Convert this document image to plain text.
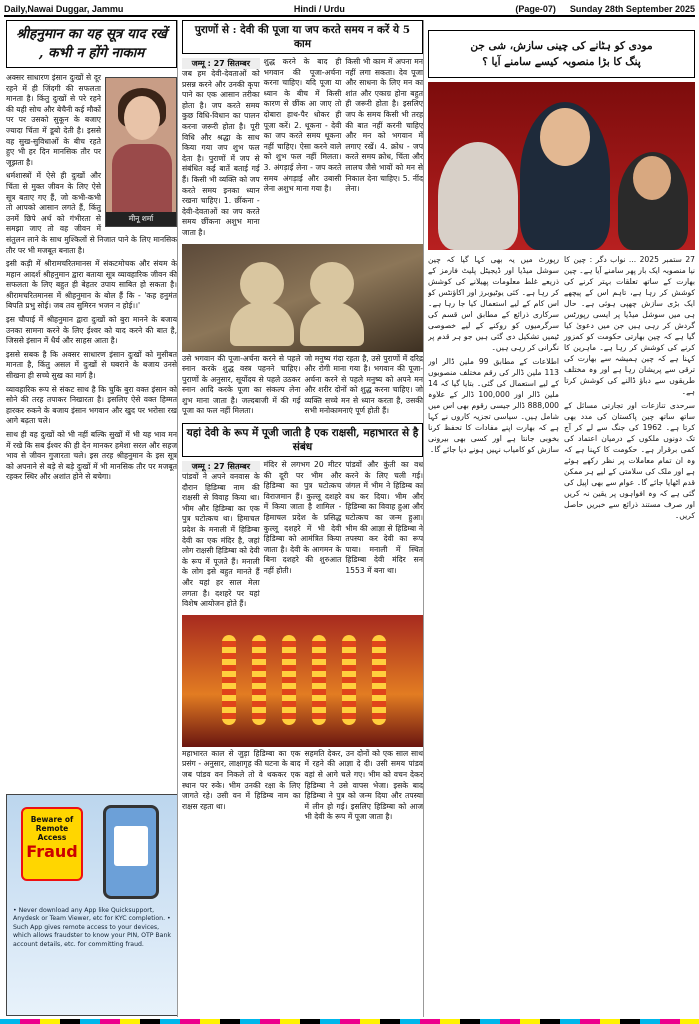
Daily,Nawai Duggar, Jammu	Hindi / Urdu	(Page-07) Sunday 28th September 2025
श्रीहनुमान का यह सूत्र याद रखें , कभी न होंगे नाकाम
मीनू शर्मा

अक्सर साधारण इंसान दुःखों से दूर रहने में ही जिंदगी की सफलता मानता है। किंतु दुःखों से परे रहने की यही सोच और बेचैनी कई मौकों पर पर उसको सुकून के बजाए ज्यादा चिंता में डूबो देती है। इससे वह सुख-सुविधाओं के बीच रहते हुए भी हर दिन मानसिक तौर पर जूझता है।

धर्मशास्त्रों में ऐसे ही दुःखों और चिंता से मुक्त जीवन के लिए ऐसे सूत्र बताए गए हैं, जो कभी-कभी तो आपको आसान लगते हैं, किंतु उनमें छिपे अर्थ को गंभीरता से समझा जाए तो वह जीवन में संतुलन लाने के साथ मुश्किलों से निजात पाने के लिए मानसिक तौर पर भी मजबूत बनाता है।

इसी कड़ी में श्रीरामचरितमानस में संकटमोचक और संयम के महान आदर्श श्रीहनुमान द्वारा बताया सूत्र व्यावहारिक जीवन की सफलता के लिए बहुत ही बेहतर उपाय साबित हो सकता है। श्रीरामचरितमानस में श्रीहनुमान के बोल हैं कि - 'कह हनुमंत बिपति प्रभु सोई। जब तव सुमिरन भजन न होई।।'

इस चौपाई में श्रीहनुमान द्वारा दुःखों को बुरा मानने के बजाय उनका सामना करने के लिए ईश्वर को याद करने की बात है, जिससे इंसान में धैर्य और साहस आता है।

इससे सबक है कि अक्सर साधारण इंसान दुःखों को मुसीबत मानता है, किंतु असल में दुःखों से घबराने के बजाय उनसे सीखना ही सच्चे सुख का मार्ग है।

व्यावहारिक रूप से संकट साथ है कि चुकि बुरा वक्त इंसान को सोने की तरह तपाकर निखारता है। इसलिए ऐसे वक्त हिम्मत हारकर रुकने के बजाय इंसान भगवान और खुद पर भरोसा रख आगे बढ़ता चले।

साथ ही वह दुःखों को भी नहीं बल्कि सुखों में भी यह भाव मन में रखे कि सब ईश्वर की ही देन मानकर हमेशा सरल और सहज भाव से जीवन गुजारता चले। इस तरह श्रीहनुमान के इस सूत्र को अपनाने से बड़े से बड़े दुःखों में भी मानसिक तौर पर मजबूत रहकर स्थिर और अशांत होने से बचेगा।

Beware of
Remote Access
Fraud
• Never download any App like Quicksupport, Anydesk or Team Viewer, etc for KYC completion. • Such App gives remote access to your devices, which allows fraudster to know your PIN, OTP Bank account details, etc. for committing fraud.
पुराणों से : देवी की पूजा या जप करते समय न करें ये 5 काम
जम्मू : 27 सितम्बर

जब हम देवी-देवताओं को प्रसन्न करने और उनकी कृपा पाने का एक आसान तरीका होता है। जप करते समय कुछ विधि-विधान का पालन करना जरूरी होता है। पूरी विधि और श्रद्धा के साथ किया गया जप शुभ फल देता है। पुराणों में जप से संबंधित कई बातें बताई गई हैं। किसी भी व्यक्ति को जप करते समय इनका ध्यान रखना चाहिए। 1. छींकना - देवी-देवताओं का जप करते समय छींकना अशुभ माना जाता है।

शुद्ध करने के बाद ही भगवान की पूजा-अर्चना करना चाहिए। यदि पूजा या ध्यान के बीच में किसी कारण से छींक आ जाए तो दोबारा हाथ-पैर धोकर ही पूजा करें। 2. थूकना - देवी का जप करते समय थूकना नहीं चाहिए। ऐसा करने वाले को शुभ फल नहीं मिलता। 3. अंगड़ाई लेना - जप करते समय अंगड़ाई और उबासी लेना अशुभ माना गया है।

किसी भी काम में अपना मन नहीं लगा सकता। देव पूजा और साधना के लिए मन का शांत और एकाग्र होना बहुत ही जरूरी होता है। इसलिए जप के समय किसी भी तरह की बात नहीं करनी चाहिए और मन को भगवान में लगाए रखें। 4. क्रोध - जप करते समय क्रोध, चिंता और लालच जैसे भावों को मन से निकाल देना चाहिए। 5. नींद लेना।

उसे भगवान की पूजा-अर्चना करने से पहले स्नान करके शुद्ध वस्त्र पहनने चाहिए। पुराणों के अनुसार, सूर्योदय से पहले उठकर स्नान आदि करके पूजा का संकल्प लेना शुभ माना जाता है। जल्दबाजी में की गई पूजा का फल नहीं मिलता।

जो मनुष्य गंदा रहता है, उसे पुराणों में दरिद्र और रोगी माना गया है। भगवान की पूजा-अर्चना करने से पहले मनुष्य को अपने मन और शरीर दोनों को शुद्ध करना चाहिए। जो व्यक्ति सच्चे मन से ध्यान करता है, उसकी सभी मनोकामनाएं पूर्ण होती हैं।

यहां देवी के रूप में पूजी जाती है एक राक्षसी, महाभारत से है संबंध
जम्मू : 27 सितम्बर

पांडवों ने अपने वनवास के दौरान हिडिम्बा नाम की राक्षसी से विवाह किया था। भीम और हिडिम्बा का एक पुत्र घटोत्कच था। हिमाचल प्रदेश के मनाली में हिडिम्बा देवी का एक मंदिर है, जहां लोग राक्षसी हिडिम्बा को देवी के रूप में पूजते हैं। मनाली के लोग इसे बहुत मानते हैं और यहां हर साल मेला लगता है। दशहरे पर यहां विशेष आयोजन होते हैं।

मंदिर से लगभग 20 मीटर की दूरी पर भीम और हिडिम्बा का पुत्र घटोत्कच विराजमान हैं। कुल्लू दशहरे में किया जाता है शामिल - हिमाचल प्रदेश के प्रसिद्ध कुल्लू दशहरे में भी देवी हिडिम्बा को आमंत्रित किया जाता है। देवी के आगमन के बिना दशहरे की शुरुआत नहीं होती।

पांडवों और कुंती का वध करने के लिए चली गई। जंगल में भीम ने हिडिम्ब का वध कर दिया। भीम और हिडिम्बा का विवाह हुआ और घटोत्कच का जन्म हुआ। भीम की आज्ञा से हिडिम्बा ने तपस्या कर देवी का रूप पाया। मनाली में स्थित हिडिम्बा देवी मंदिर सन 1553 में बना था।

महाभारत काल से जुड़ा हिडिम्बा का एक प्रसंग - अनुसार, लाक्षागृह की घटना के बाद जब पांडव वन निकले तो वे थककर एक स्थान पर रुके। भीम उनकी रक्षा के लिए जागते रहे। उसी वन में हिडिम्ब नाम का राक्षस रहता था।

सहमति देकर, उन दोनों को एक साल साथ में रहने की आज्ञा दे दी। उसी समय पांडव वहां से आगे चले गए। भीम को वचन देकर हिडिम्बा ने उसे वापस भेजा। इसके बाद हिडिम्बा ने पुत्र को जन्म दिया और तपस्या में लीन हो गई। इसलिए हिडिम्बा को आज भी देवी के रूप में पूजा जाता है।

مودی کو ہٹانے کی چینی سازش، شی جن
پنگ کا بڑا منصوبہ کیسے سامنے آیا ؟

27 ستمبر 2025 ... نواب دگر : چین کا نیا منصوبہ ایک بار پھر سامنے آیا ہے۔ چین بھارت کے ساتھ تعلقات بہتر کرنے کی کوشش کر رہا ہے، تاہم اس کے پیچھے ایک بڑی سازش چھپی ہوئی ہے۔ حال ہی میں سوشل میڈیا پر ایسی رپورٹس گردش کر رہی ہیں جن میں دعویٰ کیا گیا ہے کہ چین بھارتی حکومت کو کمزور کرنے کی کوشش کر رہا ہے۔ ماہرین کا کہنا ہے کہ چین ہمیشہ سے بھارت کی ترقی سے پریشان رہا ہے اور وہ مختلف طریقوں سے دباؤ ڈالنے کی کوشش کرتا ہے۔

سرحدی تنازعات اور تجارتی مسائل کے ساتھ ساتھ چین پاکستان کی مدد بھی کرتا ہے۔ 1962 کی جنگ سے لے کر آج تک دونوں ملکوں کے درمیان اعتماد کی کمی برقرار ہے۔ حکومت کا کہنا ہے کہ وہ ان تمام معاملات پر نظر رکھے ہوئے ہے اور ملک کی سلامتی کے لیے ہر ممکن قدم اٹھایا جائے گا۔ عوام سے بھی اپیل کی گئی ہے کہ وہ افواہوں پر یقین نہ کریں اور صرف مستند ذرائع سے خبریں حاصل کریں۔

رپورٹ میں یہ بھی کہا گیا کہ چین سوشل میڈیا اور ڈیجیٹل پلیٹ فارمز کے ذریعے غلط معلومات پھیلانے کی کوشش کر رہا ہے۔ کئی یوٹیوبرز اور اکاؤنٹس کو اس کام کے لیے استعمال کیا جا رہا ہے۔ سرکاری ذرائع کے مطابق اس قسم کی سرگرمیوں کو روکنے کے لیے خصوصی ٹیمیں تشکیل دی گئی ہیں جو ہر قدم پر نگرانی کر رہی ہیں۔

اطلاعات کے مطابق 99 ملین ڈالر اور 113 ملین ڈالر کی رقم مختلف منصوبوں کے لیے استعمال کی گئی۔ بتایا گیا کہ 14 ملین ڈالر اور 100,000 ڈالر کے علاوہ 888,000 ڈالر جیسی رقوم بھی اس میں شامل ہیں۔ سیاسی تجزیہ کاروں نے کہا ہے کہ بھارت اپنے مفادات کا تحفظ کرنا بخوبی جانتا ہے اور کسی بھی بیرونی سازش کو کامیاب نہیں ہونے دیا جائے گا۔
